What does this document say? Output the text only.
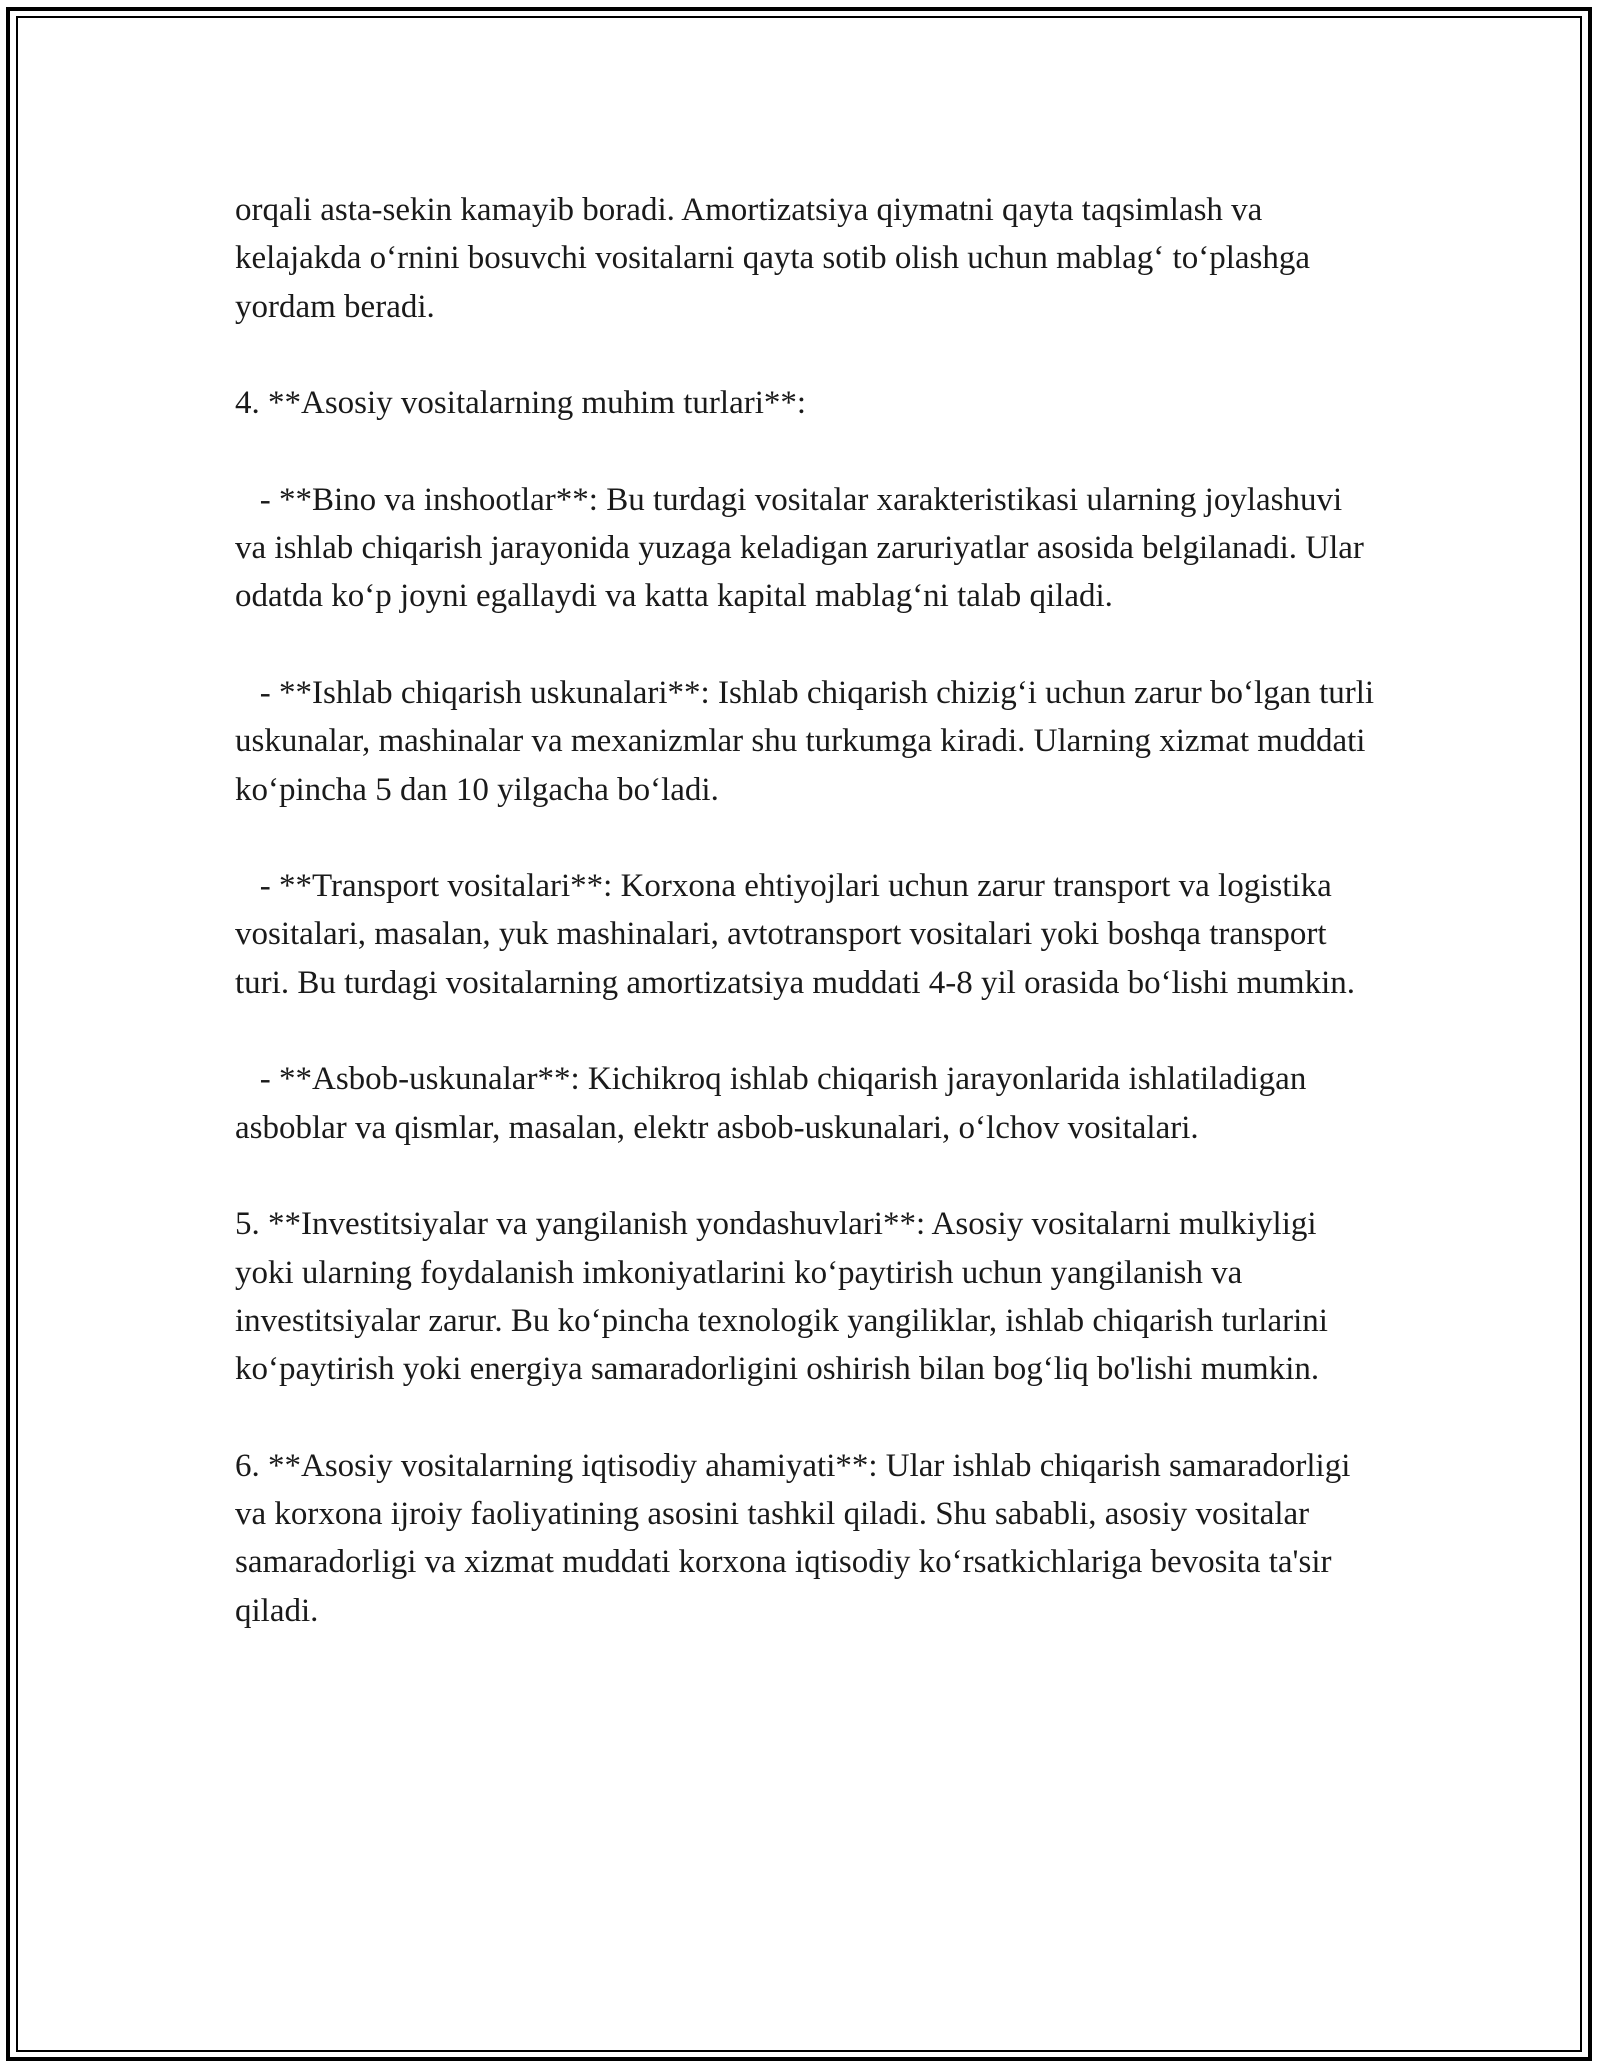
orqali asta-sekin kamayib boradi. Amortizatsiya qiymatni qayta taqsimlash va kelajakda o‘rnini bosuvchi vositalarni qayta sotib olish uchun mablag‘ to‘plashga yordam beradi.

4. **Asosiy vositalarning muhim turlari**:

- **Bino va inshootlar**: Bu turdagi vositalar xarakteristikasi ularning joylashuvi va ishlab chiqarish jarayonida yuzaga keladigan zaruriyatlar asosida belgilanadi. Ular odatda ko‘p joyni egallaydi va katta kapital mablag‘ni talab qiladi.

- **Ishlab chiqarish uskunalari**: Ishlab chiqarish chizig‘i uchun zarur bo‘lgan turli uskunalar, mashinalar va mexanizmlar shu turkumga kiradi. Ularning xizmat muddati ko‘pincha 5 dan 10 yilgacha bo‘ladi.

- **Transport vositalari**: Korxona ehtiyojlari uchun zarur transport va logistika vositalari, masalan, yuk mashinalari, avtotransport vositalari yoki boshqa transport turi. Bu turdagi vositalarning amortizatsiya muddati 4-8 yil orasida bo‘lishi mumkin.

- **Asbob-uskunalar**: Kichikroq ishlab chiqarish jarayonlarida ishlatiladigan asboblar va qismlar, masalan, elektr asbob-uskunalari, o‘lchov vositalari.

5. **Investitsiyalar va yangilanish yondashuvlari**: Asosiy vositalarni mulkiyligi yoki ularning foydalanish imkoniyatlarini ko‘paytirish uchun yangilanish va investitsiyalar zarur. Bu ko‘pincha texnologik yangiliklar, ishlab chiqarish turlarini ko‘paytirish yoki energiya samaradorligini oshirish bilan bog‘liq bo'lishi mumkin.

6. **Asosiy vositalarning iqtisodiy ahamiyati**: Ular ishlab chiqarish samaradorligi va korxona ijroiy faoliyatining asosini tashkil qiladi. Shu sababli, asosiy vositalar samaradorligi va xizmat muddati korxona iqtisodiy ko‘rsatkichlariga bevosita ta'sir qiladi.
